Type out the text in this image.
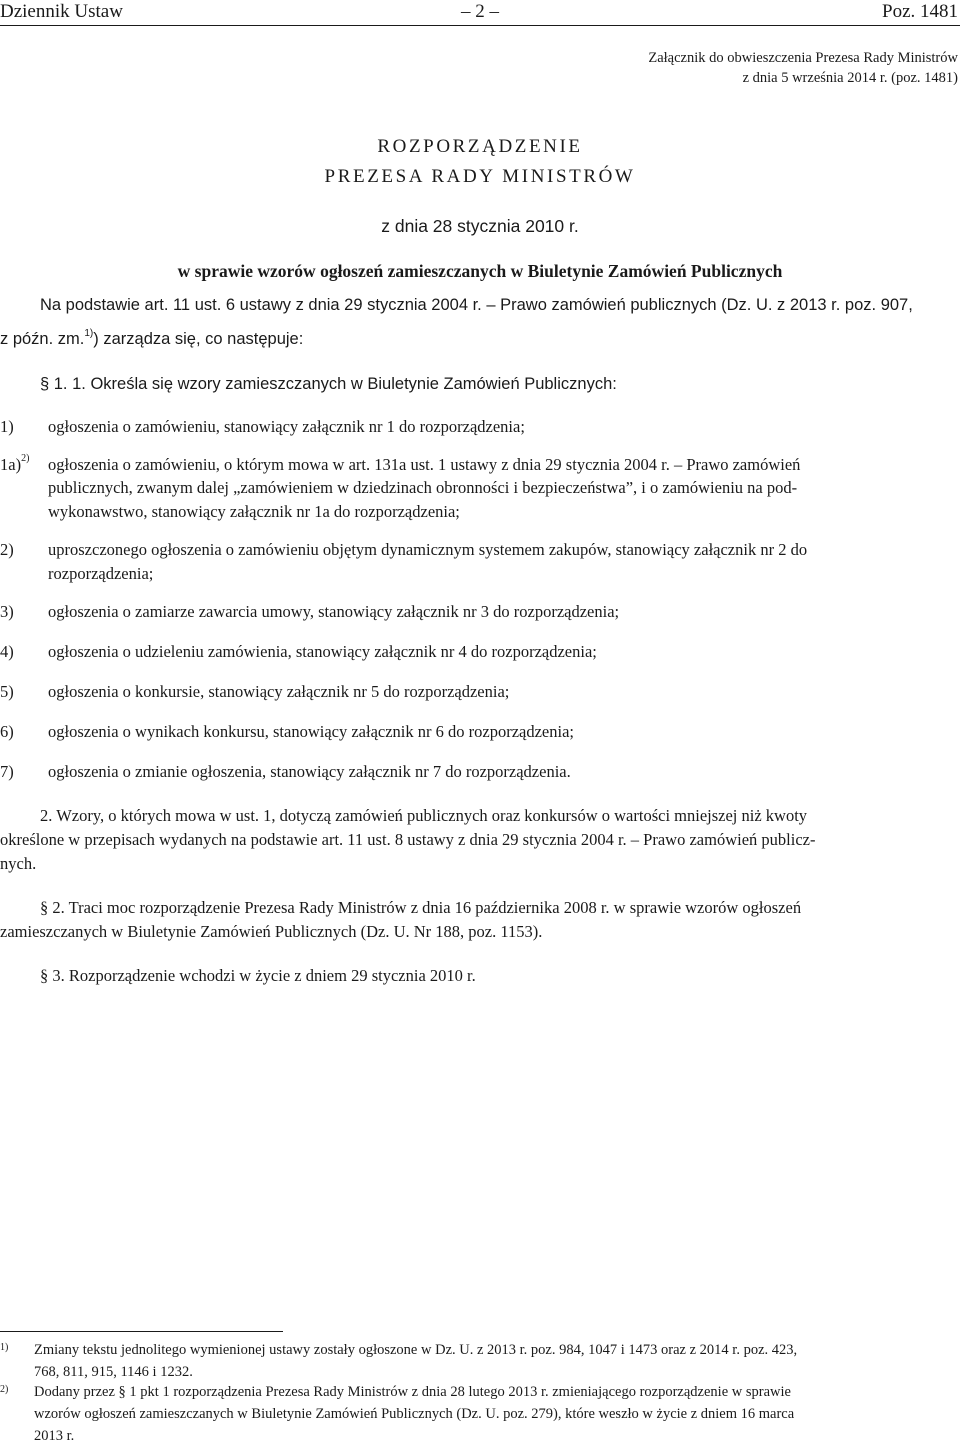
Dziennik Ustaw	– 2 –	Poz. 1481
Załącznik do obwieszczenia Prezesa Rady Ministrów
z dnia 5 września 2014 r. (poz. 1481)
ROZPORZĄDZENIE
PREZESA RADY MINISTRÓW
z dnia 28 stycznia 2010 r.
w sprawie wzorów ogłoszeń zamieszczanych w Biuletynie Zamówień Publicznych
Na podstawie art. 11 ust. 6 ustawy z dnia 29 stycznia 2004 r. – Prawo zamówień publicznych (Dz. U. z 2013 r. poz. 907,
z późn. zm.$^{1)}$) zarządza się, co następuje:
§ 1. 1. Określa się wzory zamieszczanych w Biuletynie Zamówień Publicznych:
1) ogłoszenia o zamówieniu, stanowiący załącznik nr 1 do rozporządzenia;
1a)$^{2)}$ ogłoszenia o zamówieniu, o którym mowa w art. 131a ust. 1 ustawy z dnia 29 stycznia 2004 r. – Prawo zamówień
publicznych, zwanym dalej „zamówieniem w dziedzinach obronności i bezpieczeństwa”, i o zamówieniu na pod-
wykonawstwo, stanowiący załącznik nr 1a do rozporządzenia;
2) uproszczonego ogłoszenia o zamówieniu objętym dynamicznym systemem zakupów, stanowiący załącznik nr 2 do
rozporządzenia;
3) ogłoszenia o zamiarze zawarcia umowy, stanowiący załącznik nr 3 do rozporządzenia;
4) ogłoszenia o udzieleniu zamówienia, stanowiący załącznik nr 4 do rozporządzenia;
5) ogłoszenia o konkursie, stanowiący załącznik nr 5 do rozporządzenia;
6) ogłoszenia o wynikach konkursu, stanowiący załącznik nr 6 do rozporządzenia;
7) ogłoszenia o zmianie ogłoszenia, stanowiący załącznik nr 7 do rozporządzenia.
2. Wzory, o których mowa w ust. 1, dotyczą zamówień publicznych oraz konkursów o wartości mniejszej niż kwoty
określone w przepisach wydanych na podstawie art. 11 ust. 8 ustawy z dnia 29 stycznia 2004 r. – Prawo zamówień publicz-
nych.
§ 2. Traci moc rozporządzenie Prezesa Rady Ministrów z dnia 16 października 2008 r. w sprawie wzorów ogłoszeń
zamieszczanych w Biuletynie Zamówień Publicznych (Dz. U. Nr 188, poz. 1153).
§ 3. Rozporządzenie wchodzi w życie z dniem 29 stycznia 2010 r.
1) Zmiany tekstu jednolitego wymienionej ustawy zostały ogłoszone w Dz. U. z 2013 r. poz. 984, 1047 i 1473 oraz z 2014 r. poz. 423,
768, 811, 915, 1146 i 1232.
2) Dodany przez § 1 pkt 1 rozporządzenia Prezesa Rady Ministrów z dnia 28 lutego 2013 r. zmieniającego rozporządzenie w sprawie
wzorów ogłoszeń zamieszczanych w Biuletynie Zamówień Publicznych (Dz. U. poz. 279), które weszło w życie z dniem 16 marca
2013 r.
